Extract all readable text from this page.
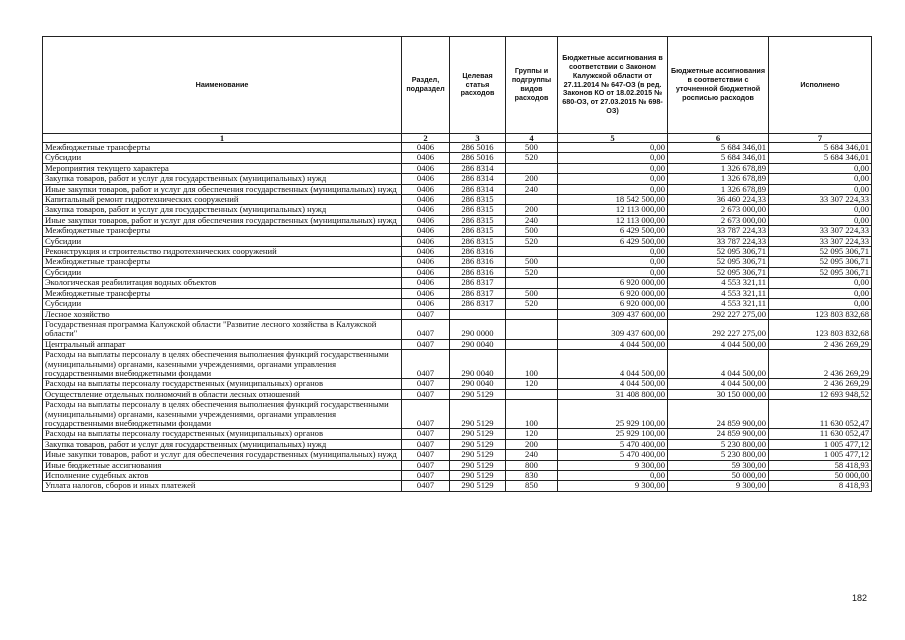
Наименование	Раздел, подраздел	Целевая статья расходов	Группы и подгруппы видов расходов	Бюджетные ассигнования в соответствии с Законом Калужской области от 27.11.2014 № 647-ОЗ (в ред. Законов КО от 18.02.2015 № 680-ОЗ, от 27.03.2015 № 698-ОЗ)	Бюджетные ассигнования в соответствии с уточненной бюджетной росписью расходов	Исполнено
1	2	3	4	5	6	7
Межбюджетные трансферты	0406	286 5016	500	0,00	5 684 346,01	5 684 346,01
Субсидии	0406	286 5016	520	0,00	5 684 346,01	5 684 346,01
Мероприятия текущего характера	0406	286 8314		0,00	1 326 678,89	0,00
Закупка товаров, работ и услуг для государственных (муниципальных) нужд	0406	286 8314	200	0,00	1 326 678,89	0,00
Иные закупки товаров, работ и услуг для обеспечения государственных (муниципальных) нужд	0406	286 8314	240	0,00	1 326 678,89	0,00
Капитальный ремонт гидротехнических сооружений	0406	286 8315		18 542 500,00	36 460 224,33	33 307 224,33
Закупка товаров, работ и услуг для государственных (муниципальных) нужд	0406	286 8315	200	12 113 000,00	2 673 000,00	0,00
Иные закупки товаров, работ и услуг для обеспечения государственных (муниципальных) нужд	0406	286 8315	240	12 113 000,00	2 673 000,00	0,00
Межбюджетные трансферты	0406	286 8315	500	6 429 500,00	33 787 224,33	33 307 224,33
Субсидии	0406	286 8315	520	6 429 500,00	33 787 224,33	33 307 224,33
Реконструкция и строительство гидротехнических сооружений	0406	286 8316		0,00	52 095 306,71	52 095 306,71
Межбюджетные трансферты	0406	286 8316	500	0,00	52 095 306,71	52 095 306,71
Субсидии	0406	286 8316	520	0,00	52 095 306,71	52 095 306,71
Экологическая реабилитация водных объектов	0406	286 8317		6 920 000,00	4 553 321,11	0,00
Межбюджетные трансферты	0406	286 8317	500	6 920 000,00	4 553 321,11	0,00
Субсидии	0406	286 8317	520	6 920 000,00	4 553 321,11	0,00
Лесное хозяйство	0407			309 437 600,00	292 227 275,00	123 803 832,68
Государственная программа Калужской области "Развитие лесного хозяйства в Калужской области"	0407	290 0000		309 437 600,00	292 227 275,00	123 803 832,68
Центральный аппарат	0407	290 0040		4 044 500,00	4 044 500,00	2 436 269,29
Расходы на выплаты персоналу в целях обеспечения выполнения функций государственными (муниципальными) органами, казенными учреждениями, органами управления государственными внебюджетными фондами	0407	290 0040	100	4 044 500,00	4 044 500,00	2 436 269,29
Расходы на выплаты персоналу государственных (муниципальных) органов	0407	290 0040	120	4 044 500,00	4 044 500,00	2 436 269,29
Осуществление отдельных полномочий в области лесных отношений	0407	290 5129		31 408 800,00	30 150 000,00	12 693 948,52
Расходы на выплаты персоналу в целях обеспечения выполнения функций государственными (муниципальными) органами, казенными учреждениями, органами управления государственными внебюджетными фондами	0407	290 5129	100	25 929 100,00	24 859 900,00	11 630 052,47
Расходы на выплаты персоналу государственных (муниципальных) органов	0407	290 5129	120	25 929 100,00	24 859 900,00	11 630 052,47
Закупка товаров, работ и услуг для государственных (муниципальных) нужд	0407	290 5129	200	5 470 400,00	5 230 800,00	1 005 477,12
Иные закупки товаров, работ и услуг для обеспечения государственных (муниципальных) нужд	0407	290 5129	240	5 470 400,00	5 230 800,00	1 005 477,12
Иные бюджетные ассигнования	0407	290 5129	800	9 300,00	59 300,00	58 418,93
Исполнение судебных актов	0407	290 5129	830	0,00	50 000,00	50 000,00
Уплата налогов, сборов и иных платежей	0407	290 5129	850	9 300,00	9 300,00	8 418,93
182
